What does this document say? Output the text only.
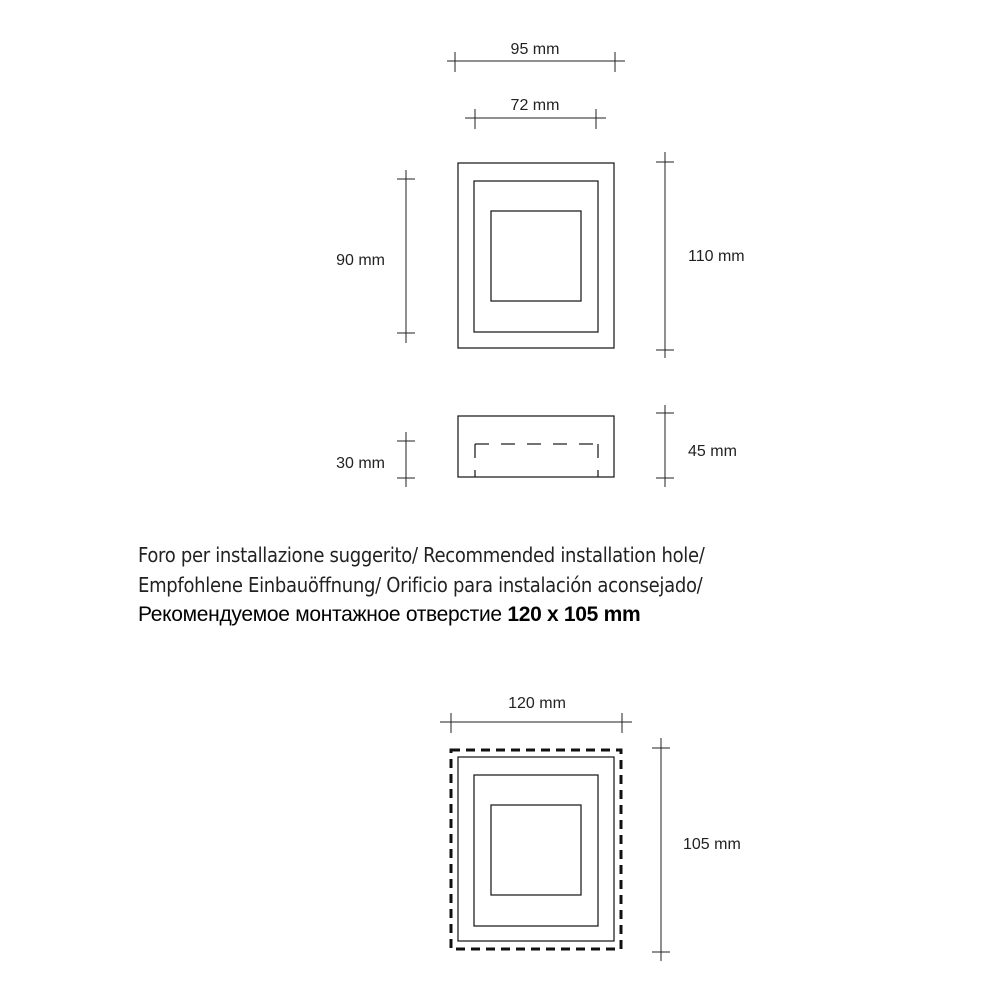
95 mm
72 mm
90 mm	110 mm
30 mm
45 mm
120 mm
105 mm
Foro per installazione suggerito/ Recommended installation hole/
Empfohlene Einbauöffnung/ Orificio para instalación aconsejado/
Рекомендуемое монтажное отверстие 120 x 105 mm
